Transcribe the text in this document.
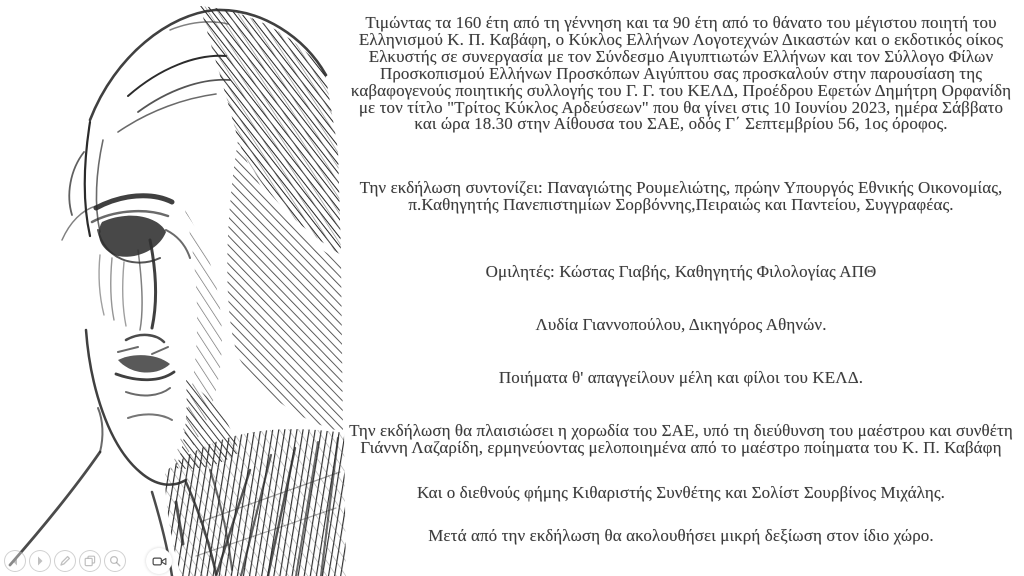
Τιμώντας τα 160 έτη από τη γέννηση και τα 90 έτη από το θάνατο του μέγιστου ποιητή του Ελληνισμού Κ. Π. Καβάφη, ο Κύκλος Ελλήνων Λογοτεχνών Δικαστών και ο εκδοτικός οίκος Ελκυστής σε συνεργασία με τον Σύνδεσμο Αιγυπτιωτών Ελλήνων και τον Σύλλογο Φίλων Προσκοπισμού Ελλήνων Προσκόπων Αιγύπτου σας προσκαλούν στην παρουσίαση της καβαφογενούς ποιητικής συλλογής του Γ. Γ. του ΚΕΛΔ, Προέδρου Εφετών Δημήτρη Ορφανίδη με τον τίτλο "Τρίτος Κύκλος Αρδεύσεων" που θα γίνει στις 10 Ιουνίου 2023, ημέρα Σάββατο και ώρα 18.30 στην Αίθουσα του ΣΑΕ, οδός Γ΄ Σεπτεμβρίου 56, 1ος όροφος.

Την εκδήλωση συντονίζει: Παναγιώτης Ρουμελιώτης, πρώην Υπουργός Εθνικής Οικονομίας, π.Καθηγητής Πανεπιστημίων Σορβόννης,Πειραιώς και Παντείου, Συγγραφέας.

Ομιλητές: Κώστας Γιαβής, Καθηγητής Φιλολογίας ΑΠΘ

Λυδία Γιαννοπούλου, Δικηγόρος Αθηνών.

Ποιήματα θ' απαγγείλουν μέλη και φίλοι του ΚΕΛΔ.

Την εκδήλωση θα πλαισιώσει η χορωδία του ΣΑΕ, υπό τη διεύθυνση του μαέστρου και συνθέτη Γιάννη Λαζαρίδη, ερμηνεύοντας μελοποιημένα από το μαέστρο ποίηματα του Κ. Π. Καβάφη

Και ο διεθνούς φήμης Κιθαριστής Συνθέτης και Σολίστ Σουρβίνος Μιχάλης.

Μετά από την εκδήλωση θα ακολουθήσει μικρή δεξίωση στον ίδιο χώρο.
